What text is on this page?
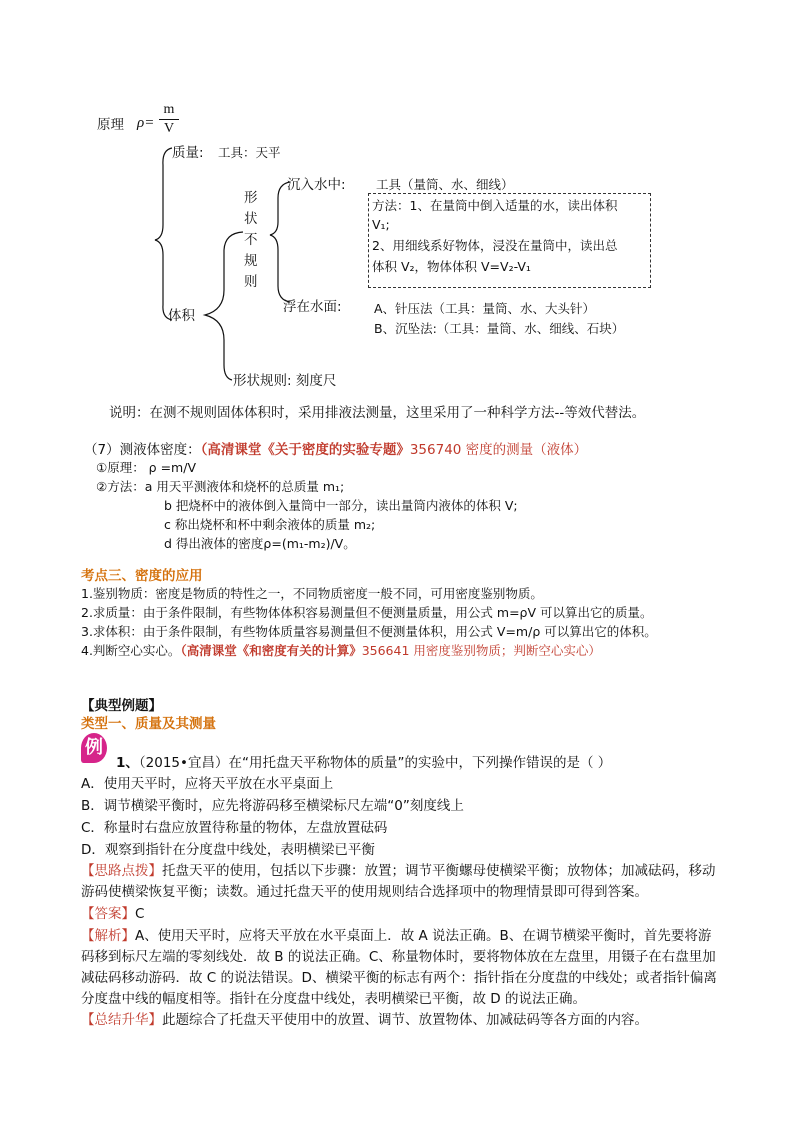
原理 ρ=
m
V
质量: 工具：天平
体积
形状不规则
沉入水中: 工具（量筒、水、细线）
方法：1、在量筒中倒入适量的水，读出体积
V₁;
2、用细线系好物体，浸没在量筒中，读出总
体积 V₂，物体体积 V=V₂-V₁
浮在水面:	A、针压法（工具：量筒、水、大头针）
B、沉坠法:（工具：量筒、水、细线、石块）
形状规则: 刻度尺
说明：在测不规则固体体积时，采用排液法测量，这里采用了一种科学方法--等效代替法。
（7）测液体密度：（高清课堂《关于密度的实验专题》356740 密度的测量（液体）
①原理： ρ =m/V
②方法：a 用天平测液体和烧杯的总质量 m₁;
b 把烧杯中的液体倒入量筒中一部分，读出量筒内液体的体积 V;
c 称出烧杯和杯中剩余液体的质量 m₂;
d 得出液体的密度ρ=(m₁-m₂)/V。
考点三、密度的应用
1.鉴别物质：密度是物质的特性之一，不同物质密度一般不同，可用密度鉴别物质。
2.求质量：由于条件限制，有些物体体积容易测量但不便测量质量，用公式 m=ρV 可以算出它的质量。
3.求体积：由于条件限制，有些物体质量容易测量但不便测量体积，用公式 V=m/ρ 可以算出它的体积。
4.判断空心实心。（高清课堂《和密度有关的计算》356641 用密度鉴别物质；判断空心实心）
【典型例题】
类型一、质量及其测量
例
1、（2015•宜昌）在“用托盘天平称物体的质量”的实验中，下列操作错误的是（ ）
A．使用天平时，应将天平放在水平桌面上
B．调节横梁平衡时，应先将游码移至横梁标尺左端“0”刻度线上
C．称量时右盘应放置待称量的物体，左盘放置砝码
D．观察到指针在分度盘中线处，表明横梁已平衡
【思路点拨】托盘天平的使用，包括以下步骤：放置；调节平衡螺母使横梁平衡；放物体；加减砝码，移动游码使横梁恢复平衡；读数。通过托盘天平的使用规则结合选择项中的物理情景即可得到答案。
【答案】C
【解析】A、使用天平时，应将天平放在水平桌面上．故 A 说法正确。B、在调节横梁平衡时，首先要将游码移到标尺左端的零刻线处．故 B 的说法正确。C、称量物体时，要将物体放在左盘里，用镊子在右盘里加减砝码移动游码．故 C 的说法错误。D、横梁平衡的标志有两个：指针指在分度盘的中线处；或者指针偏离分度盘中线的幅度相等。指针在分度盘中线处，表明横梁已平衡，故 D 的说法正确。
【总结升华】此题综合了托盘天平使用中的放置、调节、放置物体、加减砝码等各方面的内容。
